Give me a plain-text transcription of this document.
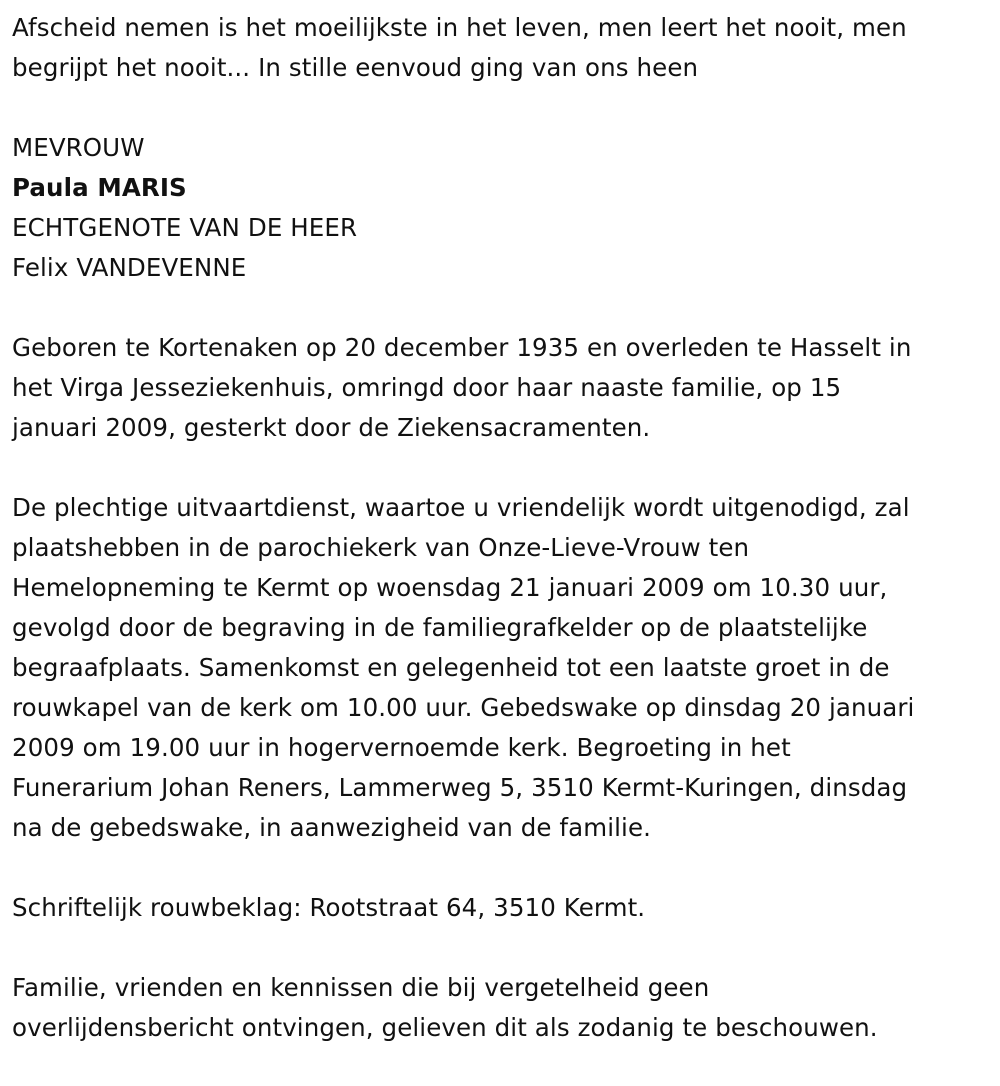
Afscheid nemen is het moeilijkste in het leven, men leert het nooit, men
begrijpt het nooit... In stille eenvoud ging van ons heen

MEVROUW

Paula MARIS

ECHTGENOTE VAN DE HEER

Felix VANDEVENNE

Geboren te Kortenaken op 20 december 1935 en overleden te Hasselt in
het Virga Jesseziekenhuis, omringd door haar naaste familie, op 15
januari 2009, gesterkt door de Ziekensacramenten.

De plechtige uitvaartdienst, waartoe u vriendelijk wordt uitgenodigd, zal
plaatshebben in de parochiekerk van Onze-Lieve-Vrouw ten
Hemelopneming te Kermt op woensdag 21 januari 2009 om 10.30 uur,
gevolgd door de begraving in de familiegrafkelder op de plaatstelijke
begraafplaats. Samenkomst en gelegenheid tot een laatste groet in de
rouwkapel van de kerk om 10.00 uur. Gebedswake op dinsdag 20 januari
2009 om 19.00 uur in hogervernoemde kerk. Begroeting in het
Funerarium Johan Reners, Lammerweg 5, 3510 Kermt-Kuringen, dinsdag
na de gebedswake, in aanwezigheid van de familie.

Schriftelijk rouwbeklag: Rootstraat 64, 3510 Kermt.

Familie, vrienden en kennissen die bij vergetelheid geen
overlijdensbericht ontvingen, gelieven dit als zodanig te beschouwen.
